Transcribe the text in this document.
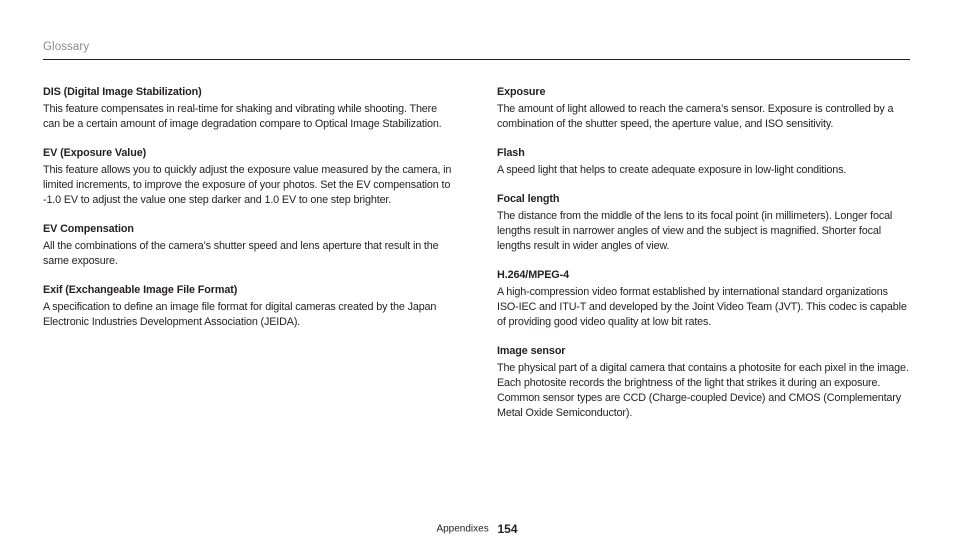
Glossary
DIS (Digital Image Stabilization)

This feature compensates in real-time for shaking and vibrating while shooting. There can be a certain amount of image degradation compare to Optical Image Stabilization.

EV (Exposure Value)

This feature allows you to quickly adjust the exposure value measured by the camera, in limited increments, to improve the exposure of your photos. Set the EV compensation to -1.0 EV to adjust the value one step darker and 1.0 EV to one step brighter.

EV Compensation

All the combinations of the camera’s shutter speed and lens aperture that result in the same exposure.

Exif (Exchangeable Image File Format)

A specification to define an image file format for digital cameras created by the Japan Electronic Industries Development Association (JEIDA).

Exposure

The amount of light allowed to reach the camera’s sensor. Exposure is controlled by a combination of the shutter speed, the aperture value, and ISO sensitivity.

Flash

A speed light that helps to create adequate exposure in low-light conditions.

Focal length

The distance from the middle of the lens to its focal point (in millimeters). Longer focal lengths result in narrower angles of view and the subject is magnified. Shorter focal lengths result in wider angles of view.

H.264/MPEG-4

A high-compression video format established by international standard organizations ISO-IEC and ITU-T and developed by the Joint Video Team (JVT). This codec is capable of providing good video quality at low bit rates.

Image sensor

The physical part of a digital camera that contains a photosite for each pixel in the image. Each photosite records the brightness of the light that strikes it during an exposure. Common sensor types are CCD (Charge-coupled Device) and CMOS (Complementary Metal Oxide Semiconductor).

Appendixes 154
